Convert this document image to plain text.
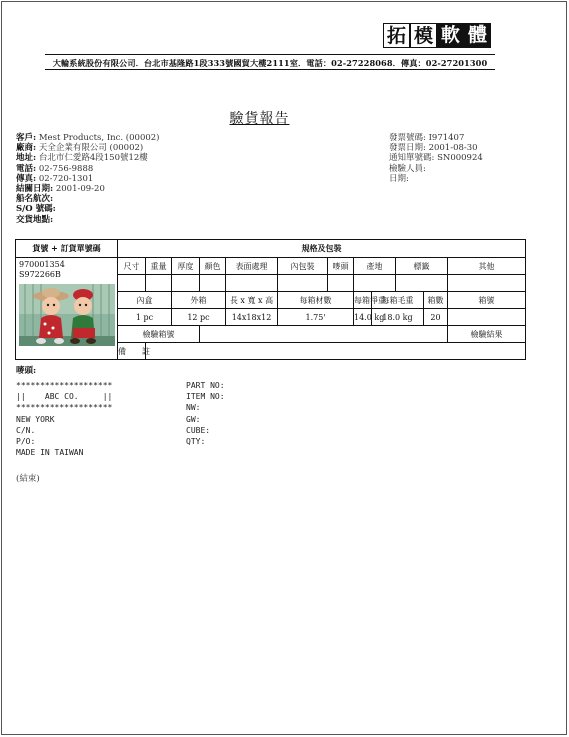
拓 模 軟 體
大輪系統股份有限公司．台北市基隆路1段333號國貿大樓2111室．電話：02-27228068．傳真：02-27201300
驗貨報告
客戶: Mest Products, Inc. (00002)
廠商: 天全企業有限公司 (00002)
地址: 台北市仁愛路4段150號12樓
電話: 02-756-9888
傳真: 02-720-1301
結關日期: 2001-09-20
船名航次:
S/O 號碼:
交貨地點:
發票號碼: I971407
發票日期: 2001-08-30
通知單號碼: SN000924
檢驗人員:
日期:
貨號 + 訂貨單號碼	規格及包裝											

970001354
S972266B	尺寸	重量	厚度	顏色	表面處理	內包裝	嘜頭	產地		標籤		其他

	內盒		外箱		長 x 寬 x 高	每箱材數		每箱淨重	每箱毛重		箱數	箱號
	1 pc		12 pc		14x18x12	1.75'		14.0 kg	18.0 kg		20	
	檢驗箱號											檢驗結果
	備　　註											
嘜頭:
********************
||    ABC CO.     ||
********************
NEW YORK
C/N.
P/O:
MADE IN TAIWAN
PART NO:
ITEM NO:
NW:
GW:
CUBE:
QTY:
(結束)
